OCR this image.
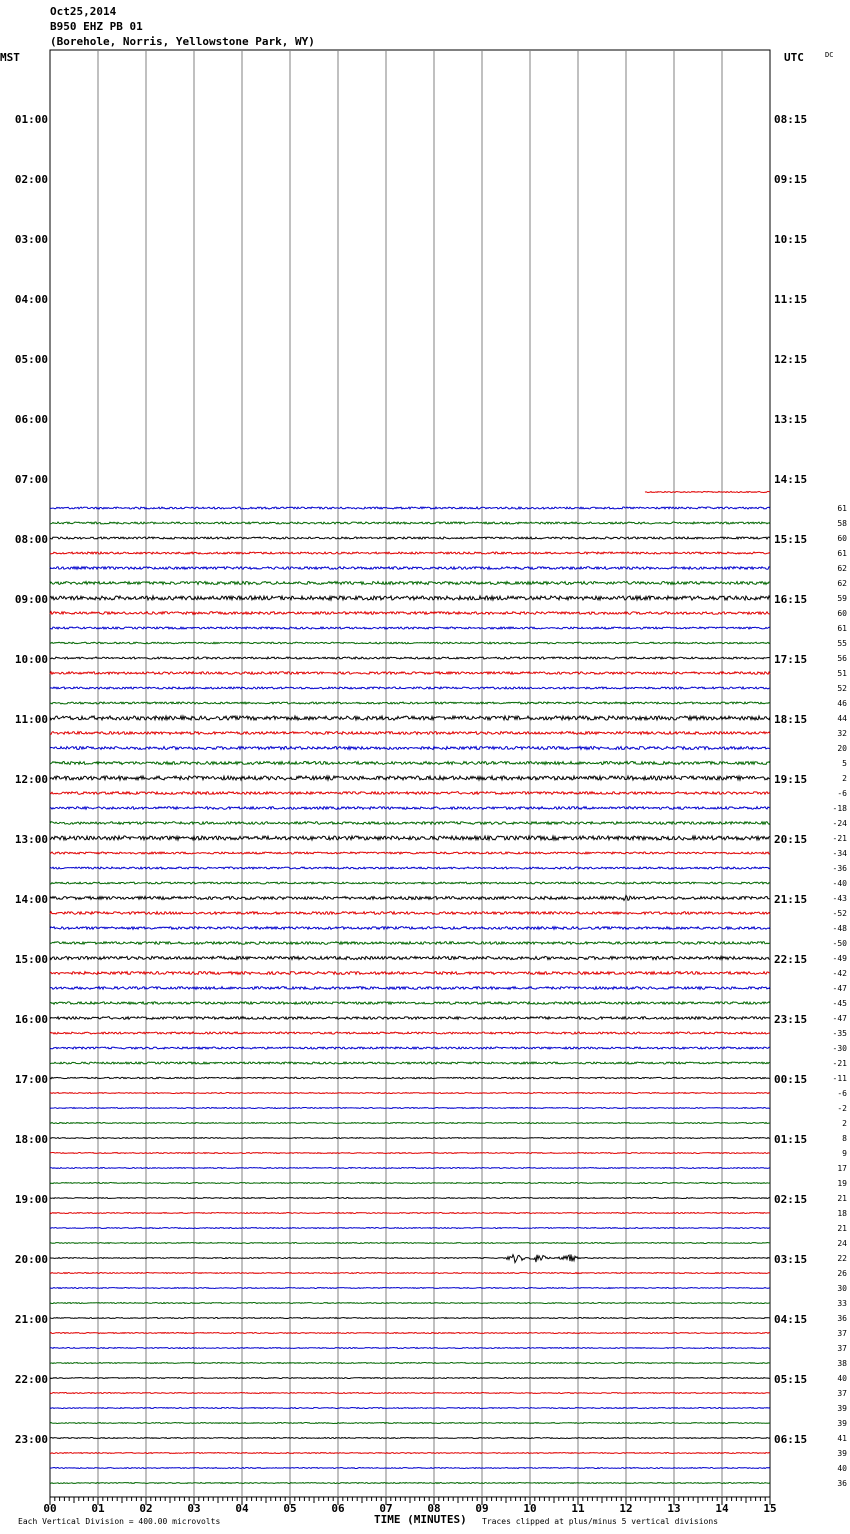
Oct25,2014
B950 EHZ PB 01
(Borehole, Norris, Yellowstone Park, WY)
61
58
60
61
62
62
59
60
61
55
56
51
52
46
44
32
20
5
2
-6
-18
-24
-21
-34
-36
-40
-43
-52
-48
-50
-49
-42
-47
-45
-47
-35
-30
-21
-11
-6
-2
2
8
9
17
19
21
18
21
24
22
26
30
33
36
37
37
38
40
37
39
39
41
39
40
36
01:00
02:00
03:00
04:00
05:00
06:00
07:00
08:00
09:00
10:00
11:00
12:00
13:00
14:00
15:00
16:00
17:00
18:00
19:00
20:00
21:00
22:00
23:00
08:15
09:15
10:15
11:15
12:15
13:15
14:15
15:15
16:15
17:15
18:15
19:15
20:15
21:15
22:15
23:15
00:15
01:15
02:15
03:15
04:15
05:15
06:15
00	01	02	03	04	05	06	07	08	09	10	11	12	13	14	15
MST	UTC	DC
Each Vertical Division = 400.00 microvolts	TIME (MINUTES) Traces clipped at plus/minus 5 vertical divisions
